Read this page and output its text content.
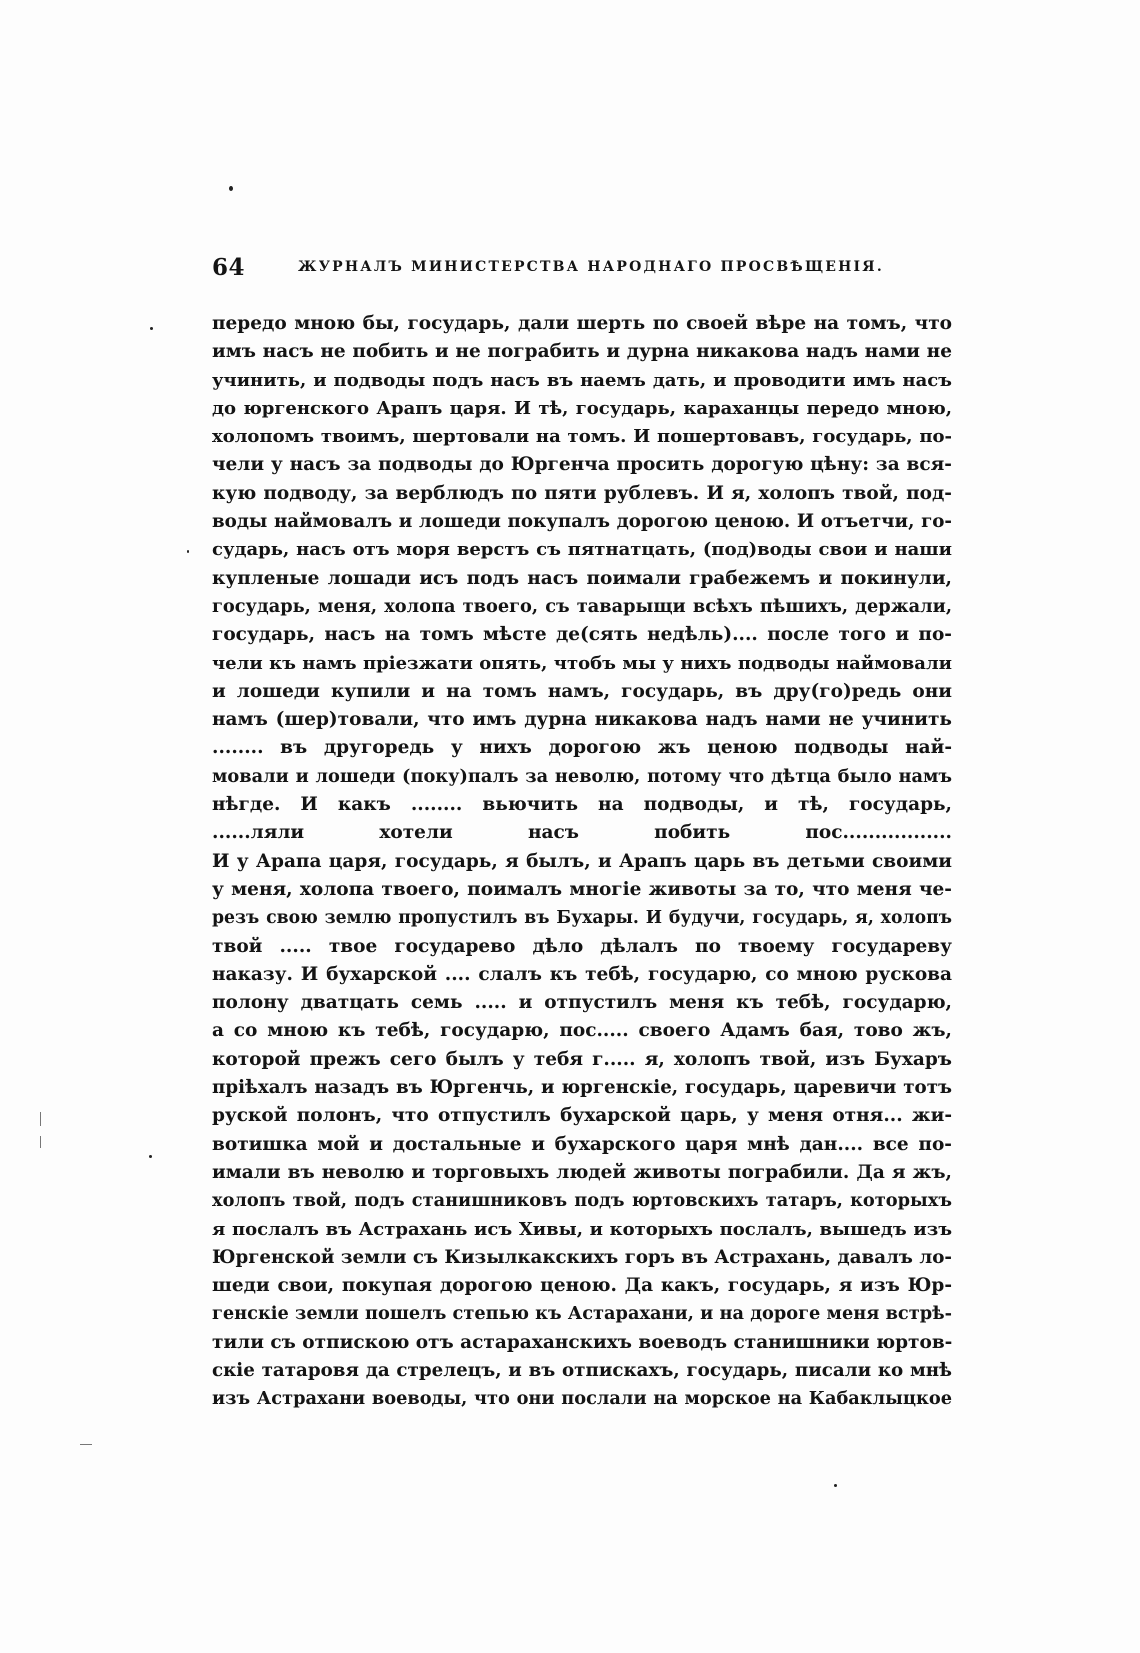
64	ЖУРНАЛЪ МИНИСТЕРСТВА НАРОДНАГО ПРОСВѢЩЕНІЯ.
передо мною бы, государь, дали шерть по своей вѣре на томъ, что
имъ насъ не побить и не пограбить и дурна никакова надъ нами не
учинить, и подводы подъ насъ въ наемъ дать, и проводити имъ насъ
до юргенского Арапъ царя. И тѣ, государь, караханцы передо мною,
холопомъ твоимъ, шертовали на томъ. И пошертовавъ, государь, по-
чели у насъ за подводы до Юргенча просить дорогую цѣну: за вся-
кую подводу, за верблюдъ по пяти рублевъ. И я, холопъ твой, под-
воды наймовалъ и лошеди покупалъ дорогою ценою. И отъетчи, го-
сударь, насъ отъ моря верстъ съ пятнатцать, (под)воды свои и наши
купленые лошади исъ подъ насъ поимали грабежемъ и покинули,
государь, меня, холопа твоего, съ таварыщи всѣхъ пѣшихъ, держали,
государь, насъ на томъ мѣсте де(сять недѣль).... после того и по-
чели къ намъ пріезжати опять, чтобъ мы у нихъ подводы наймовали
и лошеди купили и на томъ намъ, государь, въ дру(го)редь они
намъ (шер)товали, что имъ дурна никакова надъ нами не учинить
........ въ другоредь у нихъ дорогою жъ ценою подводы най-
мовали и лошеди (поку)палъ за неволю, потому что дѣтца было намъ
нѣгде. И какъ ........ вьючить на подводы, и тѣ, государь,
......ляли хотели насъ побить пос.................
И у Арапа царя, государь, я былъ, и Арапъ царь въ детьми своими
у меня, холопа твоего, поималъ многіе животы за то, что меня че-
резъ свою землю пропустилъ въ Бухары. И будучи, государь, я, холопъ
твой ..... твое государево дѣло дѣлалъ по твоему государеву
наказу. И бухарской .... слалъ къ тебѣ, государю, со мною рускова
полону дватцать семь ..... и отпустилъ меня къ тебѣ, государю,
а со мною къ тебѣ, государю, пос..... своего Адамъ бая, тово жъ,
которой прежъ сего былъ у тебя г..... я, холопъ твой, изъ Бухаръ
пріѣхалъ назадъ въ Юргенчь, и юргенскіе, государь, царевичи тотъ
руской полонъ, что отпустилъ бухарской царь, у меня отня... жи-
вотишка мой и достальные и бухарского царя мнѣ дан.... все по-
имали въ неволю и торговыхъ людей животы пограбили. Да я жъ,
холопъ твой, подъ станишниковъ подъ юртовскихъ татаръ, которыхъ
я послалъ въ Астрахань исъ Хивы, и которыхъ послалъ, вышедъ изъ
Юргенской земли съ Кизылкакскихъ горъ въ Астрахань, давалъ ло-
шеди свои, покупая дорогою ценою. Да какъ, государь, я изъ Юр-
генскіе земли пошелъ степью къ Астарахани, и на дороге меня встрѣ-
тили съ отпискою отъ астараханскихъ воеводъ станишники юртов-
скіе татаровя да стрелецъ, и въ отпискахъ, государь, писали ко мнѣ
изъ Астрахани воеводы, что они послали на морское на Кабаклыцкое
